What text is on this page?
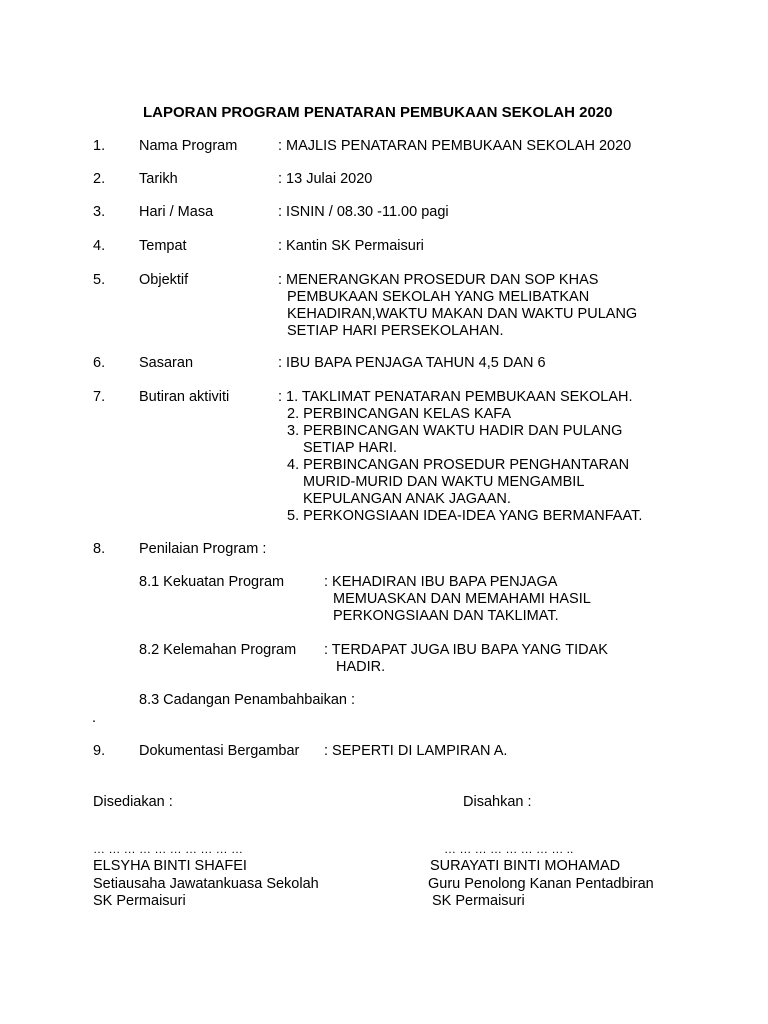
LAPORAN PROGRAM PENATARAN PEMBUKAAN SEKOLAH 2020
1. Nama Program	: MAJLIS PENATARAN PEMBUKAAN SEKOLAH 2020
2. Tarikh	: 13 Julai 2020
3. Hari / Masa	: ISNIN / 08.30 -11.00 pagi
4. Tempat	: Kantin SK Permaisuri
5. Objektif	: MENERANGKAN PROSEDUR DAN SOP KHAS
PEMBUKAAN SEKOLAH YANG MELIBATKAN
KEHADIRAN,WAKTU MAKAN DAN WAKTU PULANG
SETIAP HARI PERSEKOLAHAN.
6. Sasaran	: IBU BAPA PENJAGA TAHUN 4,5 DAN 6
7. Butiran aktiviti	: 1. TAKLIMAT PENATARAN PEMBUKAAN SEKOLAH.
2. PERBINCANGAN KELAS KAFA
3. PERBINCANGAN WAKTU HADIR DAN PULANG
SETIAP HARI.
4. PERBINCANGAN PROSEDUR PENGHANTARAN
MURID-MURID DAN WAKTU MENGAMBIL
KEPULANGAN ANAK JAGAAN.
5. PERKONGSIAAN IDEA-IDEA YANG BERMANFAAT.
8. Penilaian Program :
8.1 Kekuatan Program	: KEHADIRAN IBU BAPA PENJAGA
MEMUASKAN DAN MEMAHAMI HASIL
PERKONGSIAAN DAN TAKLIMAT.
8.2 Kelemahan Program : TERDAPAT JUGA IBU BAPA YANG TIDAK
HADIR.
8.3 Cadangan Penambahbaikan :
.
9. Dokumentasi Bergambar : SEPERTI DI LAMPIRAN A.
Disediakan :	Disahkan :
… … … … … … … … … …	… … … … … … … … ..
ELSYHA BINTI SHAFEI	SURAYATI BINTI MOHAMAD
Setiausaha Jawatankuasa Sekolah	Guru Penolong Kanan Pentadbiran
SK Permaisuri	SK Permaisuri
